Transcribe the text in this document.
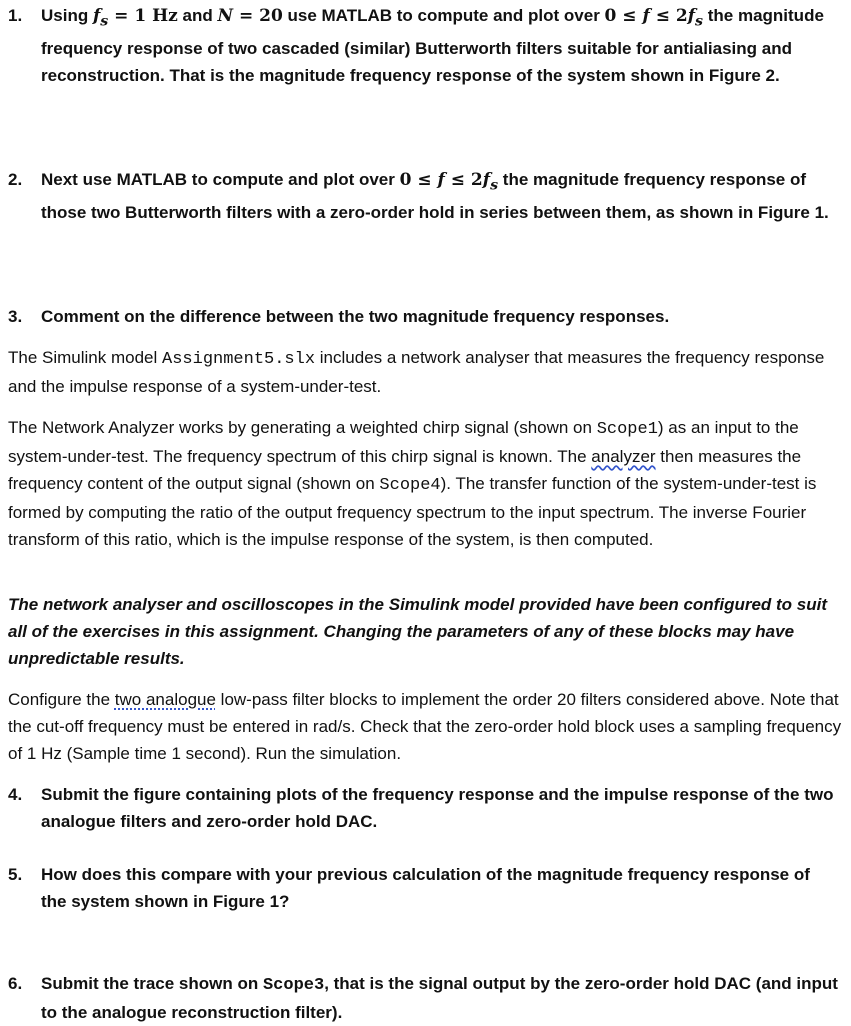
1. Using $f_s = 1$ Hz and N = 20 use MATLAB to compute and plot over $0 \le f \le 2f_s$ the magnitude frequency response of two cascaded (similar) Butterworth filters suitable for antialiasing and reconstruction. That is the magnitude frequency response of the system shown in Figure 2.
2. Next use MATLAB to compute and plot over $0 \le f \le 2f_s$ the magnitude frequency response of those two Butterworth filters with a zero-order hold in series between them, as shown in Figure 1.
3. Comment on the difference between the two magnitude frequency responses.
The Simulink model Assignment5.slx includes a network analyser that measures the frequency response and the impulse response of a system-under-test.
The Network Analyzer works by generating a weighted chirp signal (shown on Scope1) as an input to the system-under-test. The frequency spectrum of this chirp signal is known. The analyzer then measures the frequency content of the output signal (shown on Scope4). The transfer function of the system-under-test is formed by computing the ratio of the output frequency spectrum to the input spectrum. The inverse Fourier transform of this ratio, which is the impulse response of the system, is then computed.
The network analyser and oscilloscopes in the Simulink model provided have been configured to suit all of the exercises in this assignment. Changing the parameters of any of these blocks may have unpredictable results.
Configure the two analogue low-pass filter blocks to implement the order 20 filters considered above. Note that the cut-off frequency must be entered in rad/s. Check that the zero-order hold block uses a sampling frequency of 1 Hz (Sample time 1 second). Run the simulation.
4. Submit the figure containing plots of the frequency response and the impulse response of the two analogue filters and zero-order hold DAC.
5. How does this compare with your previous calculation of the magnitude frequency response of the system shown in Figure 1?
6. Submit the trace shown on Scope3, that is the signal output by the zero-order hold DAC (and input to the analogue reconstruction filter).
